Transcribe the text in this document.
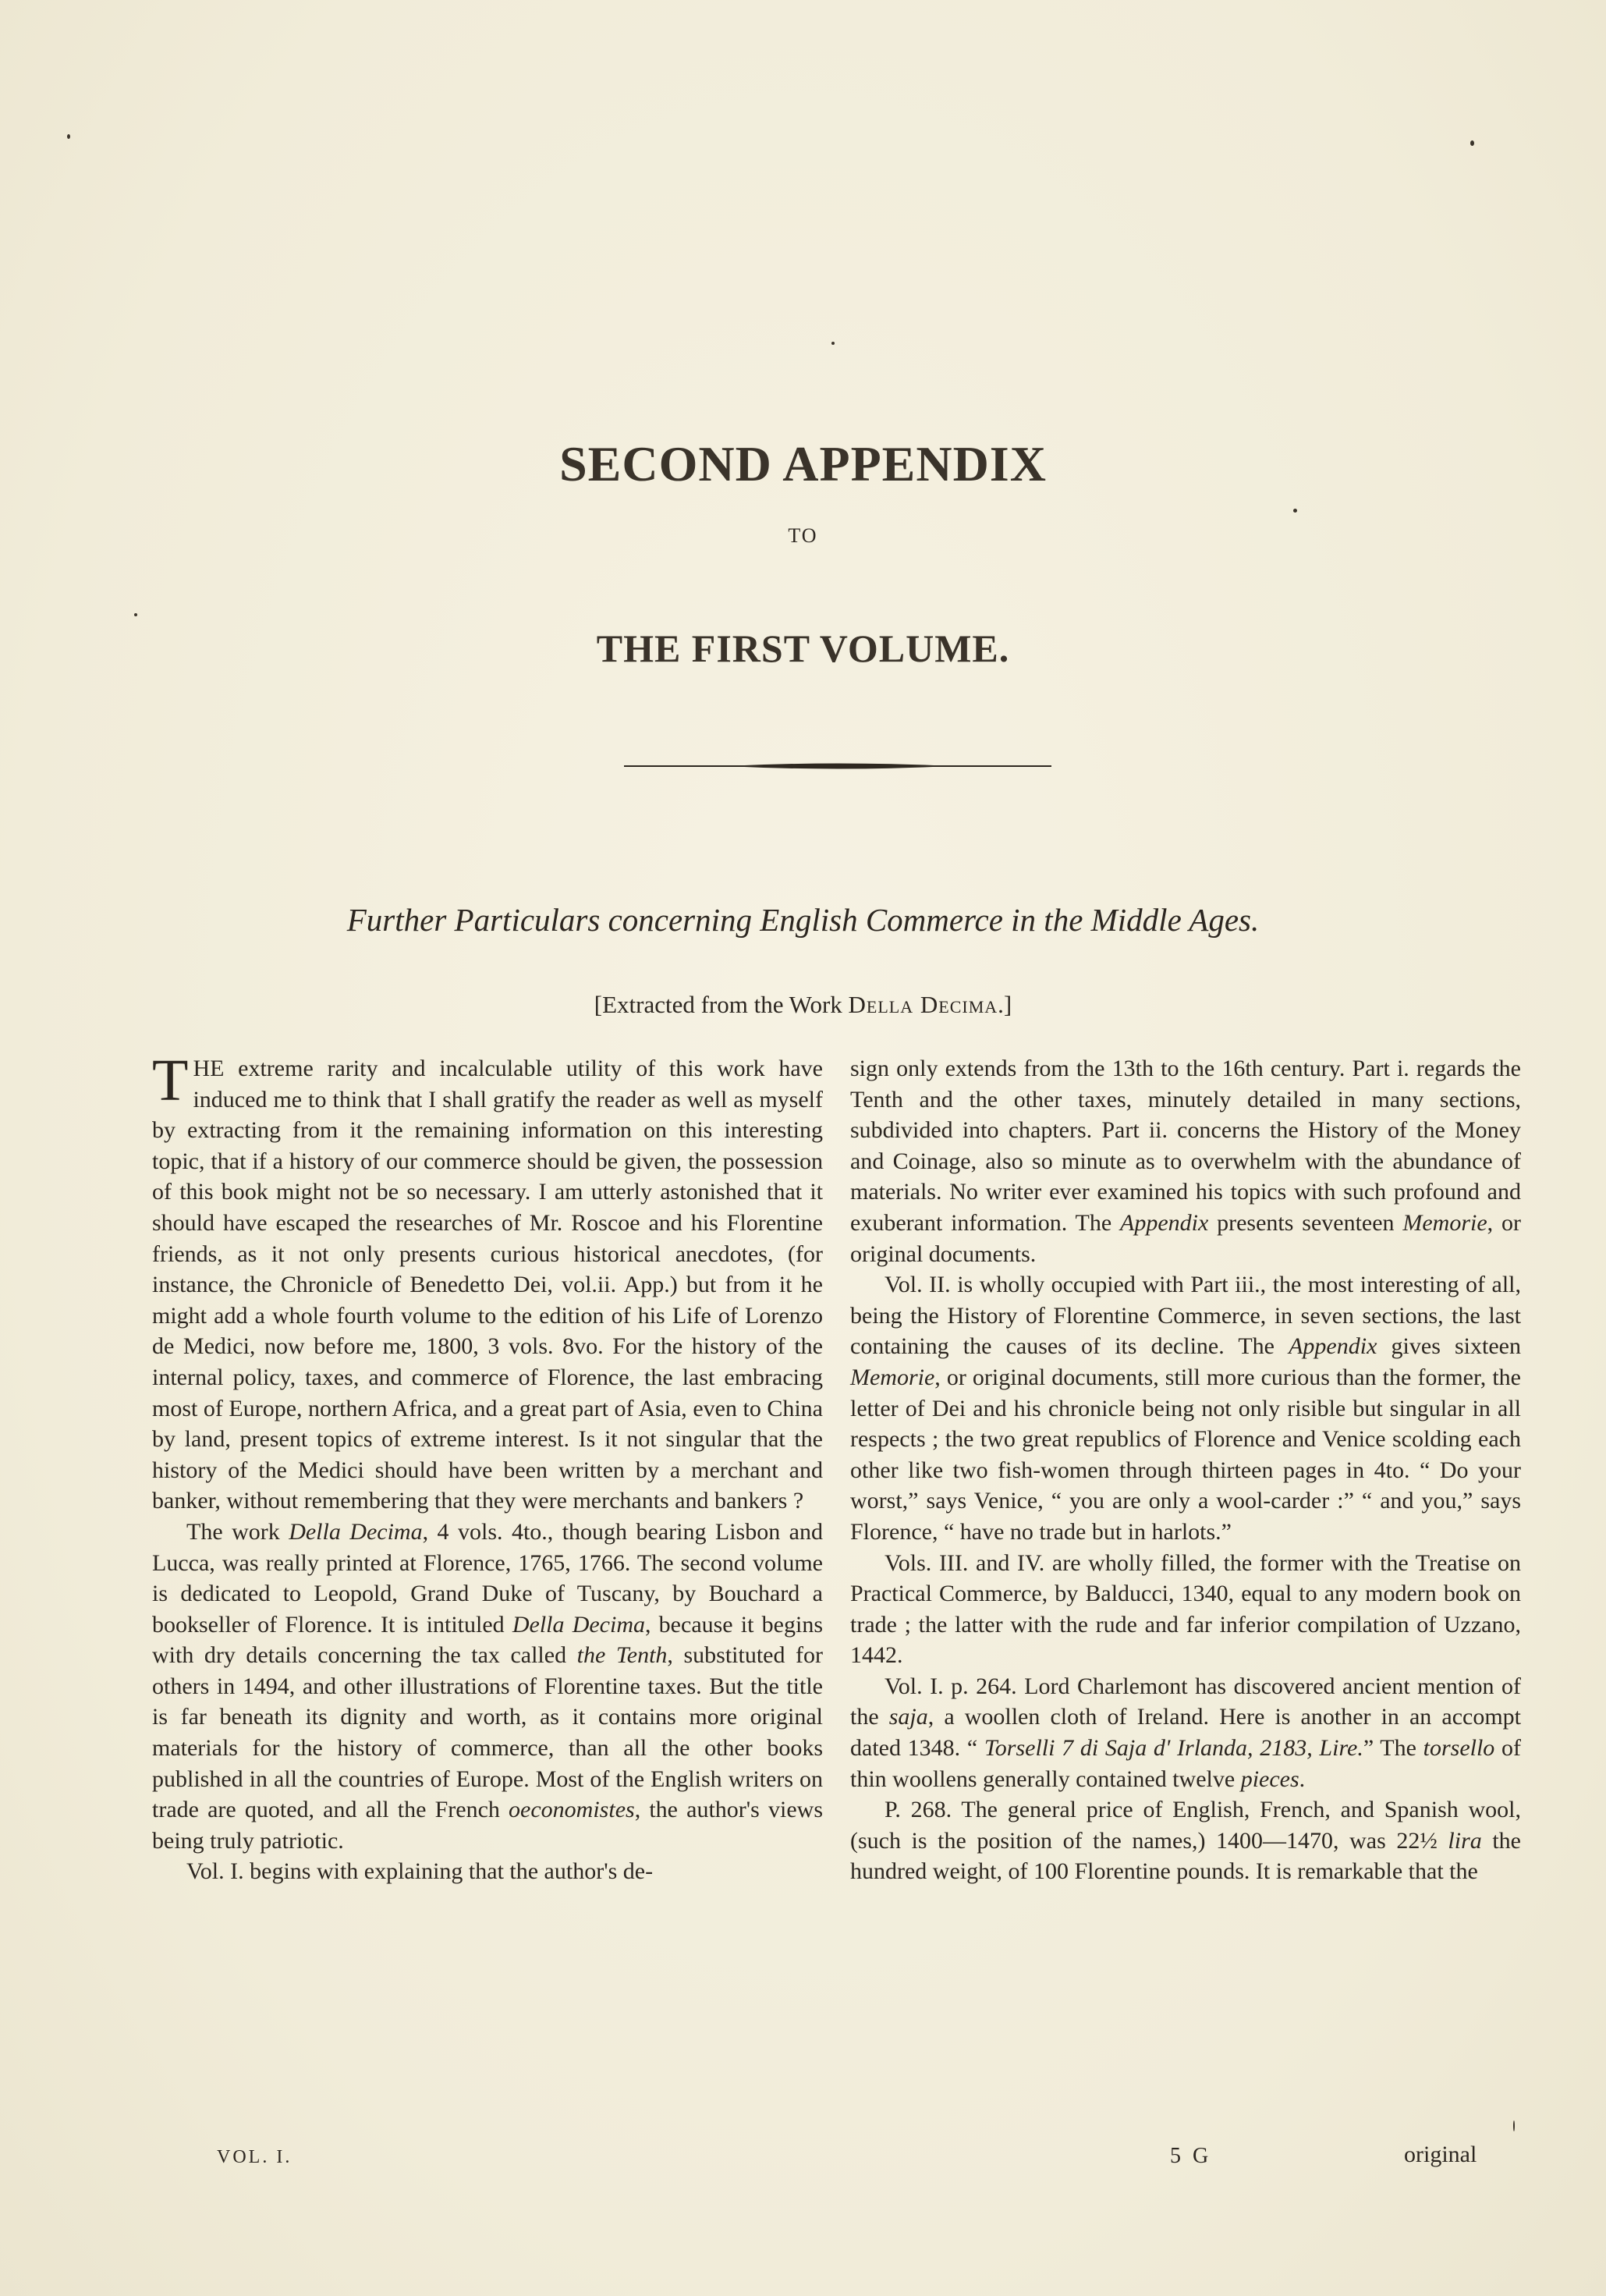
SECOND APPENDIX
TO
THE FIRST VOLUME.
Further Particulars concerning English Commerce in the Middle Ages.
[Extracted from the Work Della Decima.]

THE extreme rarity and incalculable utility of this work have induced me to think that I shall gratify the reader as well as myself by extracting from it the remaining information on this interesting topic, that if a history of our commerce should be given, the possession of this book might not be so necessary. I am utterly astonished that it should have escaped the researches of Mr. Roscoe and his Florentine friends, as it not only presents curious historical anecdotes, (for instance, the Chronicle of Benedetto Dei, vol.ii. App.) but from it he might add a whole fourth volume to the edition of his Life of Lorenzo de Medici, now before me, 1800, 3 vols. 8vo. For the history of the internal policy, taxes, and commerce of Florence, the last embracing most of Europe, northern Africa, and a great part of Asia, even to China by land, present topics of extreme interest. Is it not singular that the history of the Medici should have been written by a merchant and banker, without remembering that they were merchants and bankers ?

The work Della Decima, 4 vols. 4to., though bearing Lisbon and Lucca, was really printed at Florence, 1765, 1766. The second volume is dedicated to Leopold, Grand Duke of Tuscany, by Bouchard a bookseller of Florence. It is intituled Della Decima, because it begins with dry details concerning the tax called the Tenth, substituted for others in 1494, and other illustrations of Florentine taxes. But the title is far beneath its dignity and worth, as it contains more original materials for the history of commerce, than all the other books published in all the countries of Europe. Most of the English writers on trade are quoted, and all the French oeconomistes, the author's views being truly patriotic.

Vol. I. begins with explaining that the author's de-

sign only extends from the 13th to the 16th century. Part i. regards the Tenth and the other taxes, minutely detailed in many sections, subdivided into chapters. Part ii. concerns the History of the Money and Coinage, also so minute as to overwhelm with the abundance of materials. No writer ever examined his topics with such profound and exuberant information. The Appendix presents seventeen Memorie, or original documents.

Vol. II. is wholly occupied with Part iii., the most interesting of all, being the History of Florentine Commerce, in seven sections, the last containing the causes of its decline. The Appendix gives sixteen Memorie, or original documents, still more curious than the former, the letter of Dei and his chronicle being not only risible but singular in all respects ; the two great republics of Florence and Venice scolding each other like two fish-women through thirteen pages in 4to. “ Do your worst,” says Venice, “ you are only a wool-carder :” “ and you,” says Florence, “ have no trade but in harlots.”

Vols. III. and IV. are wholly filled, the former with the Treatise on Practical Commerce, by Balducci, 1340, equal to any modern book on trade ; the latter with the rude and far inferior compilation of Uzzano, 1442.

Vol. I. p. 264. Lord Charlemont has discovered ancient mention of the saja, a woollen cloth of Ireland. Here is another in an accompt dated 1348. “ Torselli 7 di Saja d' Irlanda, 2183, Lire.” The torsello of thin woollens generally contained twelve pieces.

P. 268. The general price of English, French, and Spanish wool, (such is the position of the names,) 1400—1470, was 22½ lira the hundred weight, of 100 Florentine pounds. It is remarkable that the

VOL. I.	5 G	original
